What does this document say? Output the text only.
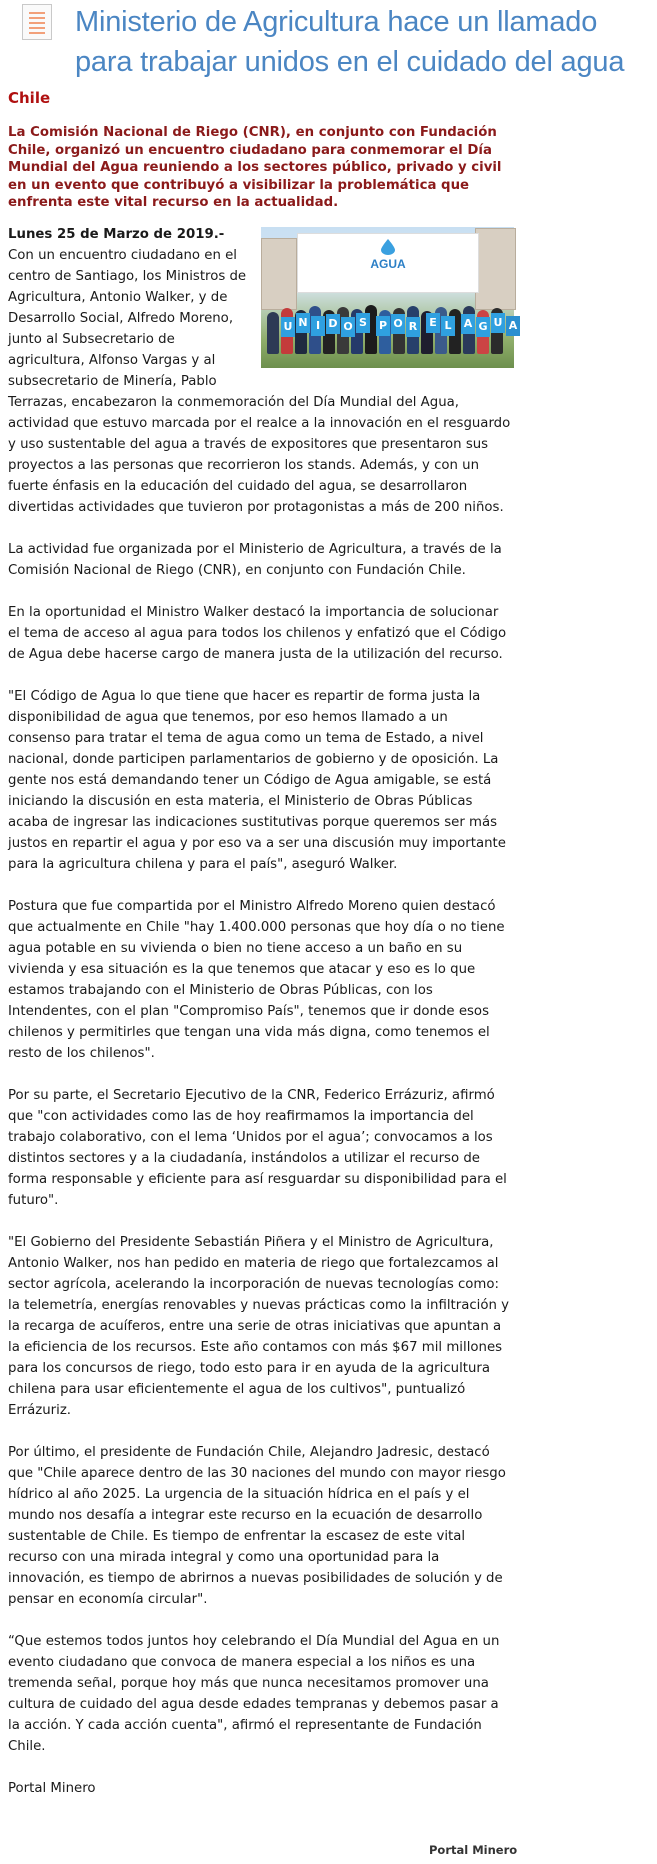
Ministerio de Agricultura hace un llamado para trabajar unidos en el cuidado del agua

Chile

La Comisión Nacional de Riego (CNR), en conjunto con Fundación Chile, organizó un encuentro ciudadano para conmemorar el Día Mundial del Agua reuniendo a los sectores público, privado y civil en un evento que contribuyó a visibilizar la problemática que enfrenta este vital recurso en la actualidad.

AGUA
U N I D O S P O R E L	A G U A

Lunes 25 de Marzo de 2019.-
Con un encuentro ciudadano en el centro de Santiago, los Ministros de Agricultura, Antonio Walker, y de Desarrollo Social, Alfredo Moreno, junto al Subsecretario de agricultura, Alfonso Vargas y al subsecretario de Minería, Pablo Terrazas, encabezaron la conmemoración del Día Mundial del Agua, actividad que estuvo marcada por el realce a la innovación en el resguardo y uso sustentable del agua a través de expositores que presentaron sus proyectos a las personas que recorrieron los stands. Además, y con un fuerte énfasis en la educación del cuidado del agua, se desarrollaron divertidas actividades que tuvieron por protagonistas a más de 200 niños.

La actividad fue organizada por el Ministerio de Agricultura, a través de la Comisión Nacional de Riego (CNR), en conjunto con Fundación Chile.

En la oportunidad el Ministro Walker destacó la importancia de solucionar el tema de acceso al agua para todos los chilenos y enfatizó que el Código de Agua debe hacerse cargo de manera justa de la utilización del recurso.

"El Código de Agua lo que tiene que hacer es repartir de forma justa la disponibilidad de agua que tenemos, por eso hemos llamado a un consenso para tratar el tema de agua como un tema de Estado, a nivel nacional, donde participen parlamentarios de gobierno y de oposición. La gente nos está demandando tener un Código de Agua amigable, se está iniciando la discusión en esta materia, el Ministerio de Obras Públicas acaba de ingresar las indicaciones sustitutivas porque queremos ser más justos en repartir el agua y por eso va a ser una discusión muy importante para la agricultura chilena y para el país", aseguró Walker.

Postura que fue compartida por el Ministro Alfredo Moreno quien destacó que actualmente en Chile "hay 1.400.000 personas que hoy día o no tiene agua potable en su vivienda o bien no tiene acceso a un baño en su vivienda y esa situación es la que tenemos que atacar y eso es lo que estamos trabajando con el Ministerio de Obras Públicas, con los Intendentes, con el plan "Compromiso País", tenemos que ir donde esos chilenos y permitirles que tengan una vida más digna, como tenemos el resto de los chilenos".

Por su parte, el Secretario Ejecutivo de la CNR, Federico Errázuriz, afirmó que "con actividades como las de hoy reafirmamos la importancia del trabajo colaborativo, con el lema ‘Unidos por el agua’; convocamos a los distintos sectores y a la ciudadanía, instándolos a utilizar el recurso de forma responsable y eficiente para así resguardar su disponibilidad para el futuro".

"El Gobierno del Presidente Sebastián Piñera y el Ministro de Agricultura, Antonio Walker, nos han pedido en materia de riego que fortalezcamos al sector agrícola, acelerando la incorporación de nuevas tecnologías como: la telemetría, energías renovables y nuevas prácticas como la infiltración y la recarga de acuíferos, entre una serie de otras iniciativas que apuntan a la eficiencia de los recursos. Este año contamos con más $67 mil millones para los concursos de riego, todo esto para ir en ayuda de la agricultura chilena para usar eficientemente el agua de los cultivos", puntualizó Errázuriz.

Por último, el presidente de Fundación Chile, Alejandro Jadresic, destacó que "Chile aparece dentro de las 30 naciones del mundo con mayor riesgo hídrico al año 2025. La urgencia de la situación hídrica en el país y el mundo nos desafía a integrar este recurso en la ecuación de desarrollo sustentable de Chile. Es tiempo de enfrentar la escasez de este vital recurso con una mirada integral y como una oportunidad para la innovación, es tiempo de abrirnos a nuevas posibilidades de solución y de pensar en economía circular".

“Que estemos todos juntos hoy celebrando el Día Mundial del Agua en un evento ciudadano que convoca de manera especial a los niños es una tremenda señal, porque hoy más que nunca necesitamos promover una cultura de cuidado del agua desde edades tempranas y debemos pasar a la acción. Y cada acción cuenta", afirmó el representante de Fundación Chile.

Portal Minero

Portal Minero
